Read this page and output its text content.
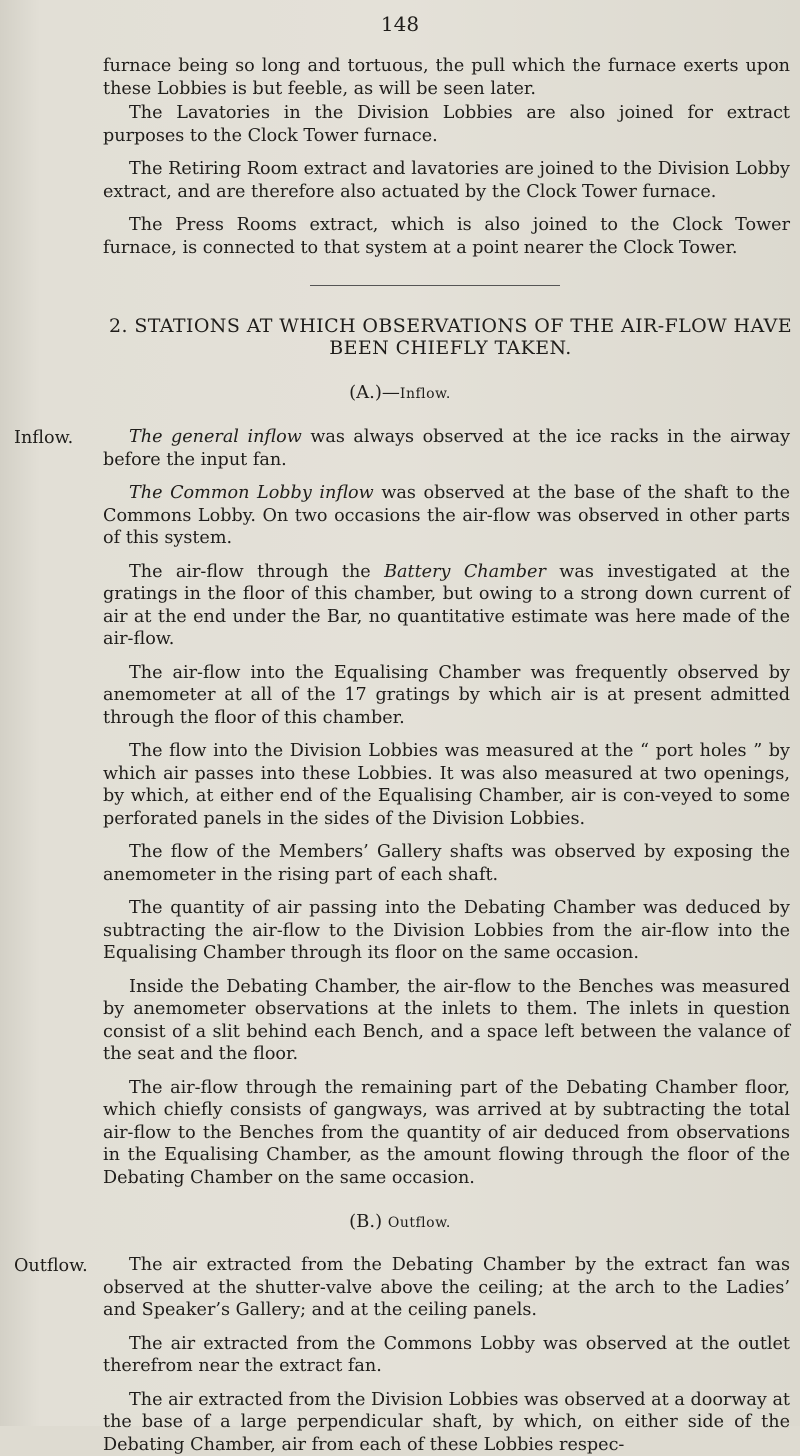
148

furnace being so long and tortuous, the pull which the furnace exerts upon these Lobbies is but feeble, as will be seen later.

The Lavatories in the Division Lobbies are also joined for extract purposes to the Clock Tower furnace.

The Retiring Room extract and lavatories are joined to the Division Lobby extract, and are therefore also actuated by the Clock Tower furnace.

The Press Rooms extract, which is also joined to the Clock Tower furnace, is connected to that system at a point nearer the Clock Tower.

2. STATIONS AT WHICH OBSERVATIONS OF THE AIR-FLOW HAVE BEEN CHIEFLY TAKEN.
(A.)—Inflow.
Inflow.	The general inflow was always observed at the ice racks in the airway before the input fan.

The Common Lobby inflow was observed at the base of the shaft to the Commons Lobby. On two occasions the air-flow was observed in other parts of this system.

The air-flow through the Battery Chamber was investigated at the gratings in the floor of this chamber, but owing to a strong down current of air at the end under the Bar, no quantitative estimate was here made of the air-flow.

The air-flow into the Equalising Chamber was frequently observed by anemometer at all of the 17 gratings by which air is at present admitted through the floor of this chamber.

The flow into the Division Lobbies was measured at the “ port holes ” by which air passes into these Lobbies. It was also measured at two openings, by which, at either end of the Equalising Chamber, air is con-veyed to some perforated panels in the sides of the Division Lobbies.

The flow of the Members’ Gallery shafts was observed by exposing the anemometer in the rising part of each shaft.

The quantity of air passing into the Debating Chamber was deduced by subtracting the air-flow to the Division Lobbies from the air-flow into the Equalising Chamber through its floor on the same occasion.

Inside the Debating Chamber, the air-flow to the Benches was measured by anemometer observations at the inlets to them. The inlets in question consist of a slit behind each Bench, and a space left between the valance of the seat and the floor.

The air-flow through the remaining part of the Debating Chamber floor, which chiefly consists of gangways, was arrived at by subtracting the total air-flow to the Benches from the quantity of air deduced from observations in the Equalising Chamber, as the amount flowing through the floor of the Debating Chamber on the same occasion.

(B.) Outflow.
Outflow.	The air extracted from the Debating Chamber by the extract fan was observed at the shutter-valve above the ceiling; at the arch to the Ladies’ and Speaker’s Gallery; and at the ceiling panels.

The air extracted from the Commons Lobby was observed at the outlet therefrom near the extract fan.

The air extracted from the Division Lobbies was observed at a doorway at the base of a large perpendicular shaft, by which, on either side of the Debating Chamber, air from each of these Lobbies respec-
